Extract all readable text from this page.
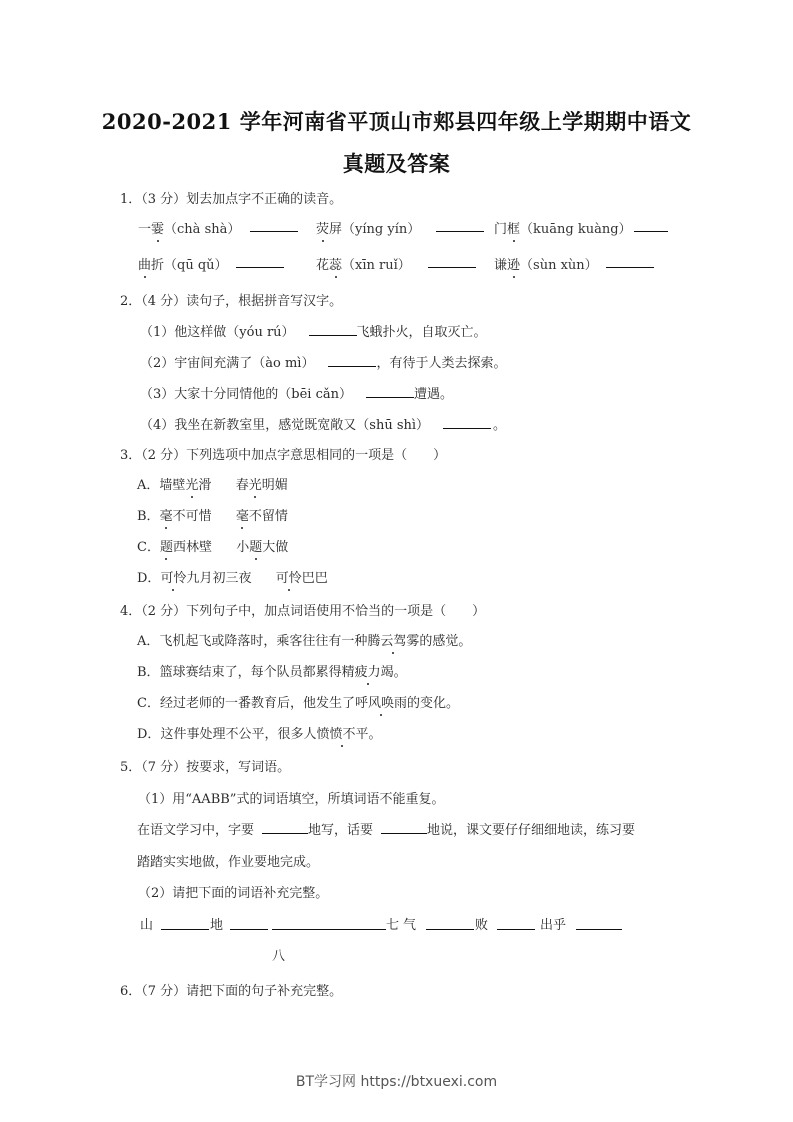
2020-2021 学年河南省平顶山市郏县四年级上学期期中语文
真题及答案
1．（3 分）划去加点字不正确的读音。
一霎（chà shà）	荧屏（yíng yín）	门框（kuāng kuàng）
曲折（qū qǔ）	花蕊（xīn ruǐ）	谦逊（sùn xùn）
2．（4 分）读句子，根据拼音写汉字。
（1）他这样做（yóu rú）	飞蛾扑火，自取灭亡。
（2）宇宙间充满了（ào mì）	，有待于人类去探索。
（3）大家十分同情他的（bēi cǎn）	遭遇。
（4）我坐在新教室里，感觉既宽敞又（shū shì）	。
3．（2 分）下列选项中加点字意思相同的一项是（　　）
A．墙壁光滑 春光明媚
B．毫不可惜 毫不留情
C．题西林壁 小题大做
D．可怜九月初三夜 可怜巴巴
4．（2 分）下列句子中，加点词语使用不恰当的一项是（　　）
A．飞机起飞或降落时，乘客往往有一种腾云驾雾的感觉。
B．篮球赛结束了，每个队员都累得精疲力竭。
C．经过老师的一番教育后，他发生了呼风唤雨的变化。
D．这件事处理不公平，很多人愤愤不平。
5．（7 分）按要求，写词语。
（1）用“AABB”式的词语填空，所填词语不能重复。
在语文学习中，字要	地写，话要	地说，课文要仔仔细细地读，练习要
踏踏实实地做，作业要地完成。
（2）请把下面的词语补充完整。
山	地	七气	败	出乎
八
6．（7 分）请把下面的句子补充完整。
BT学习网 https://btxuexi.com
